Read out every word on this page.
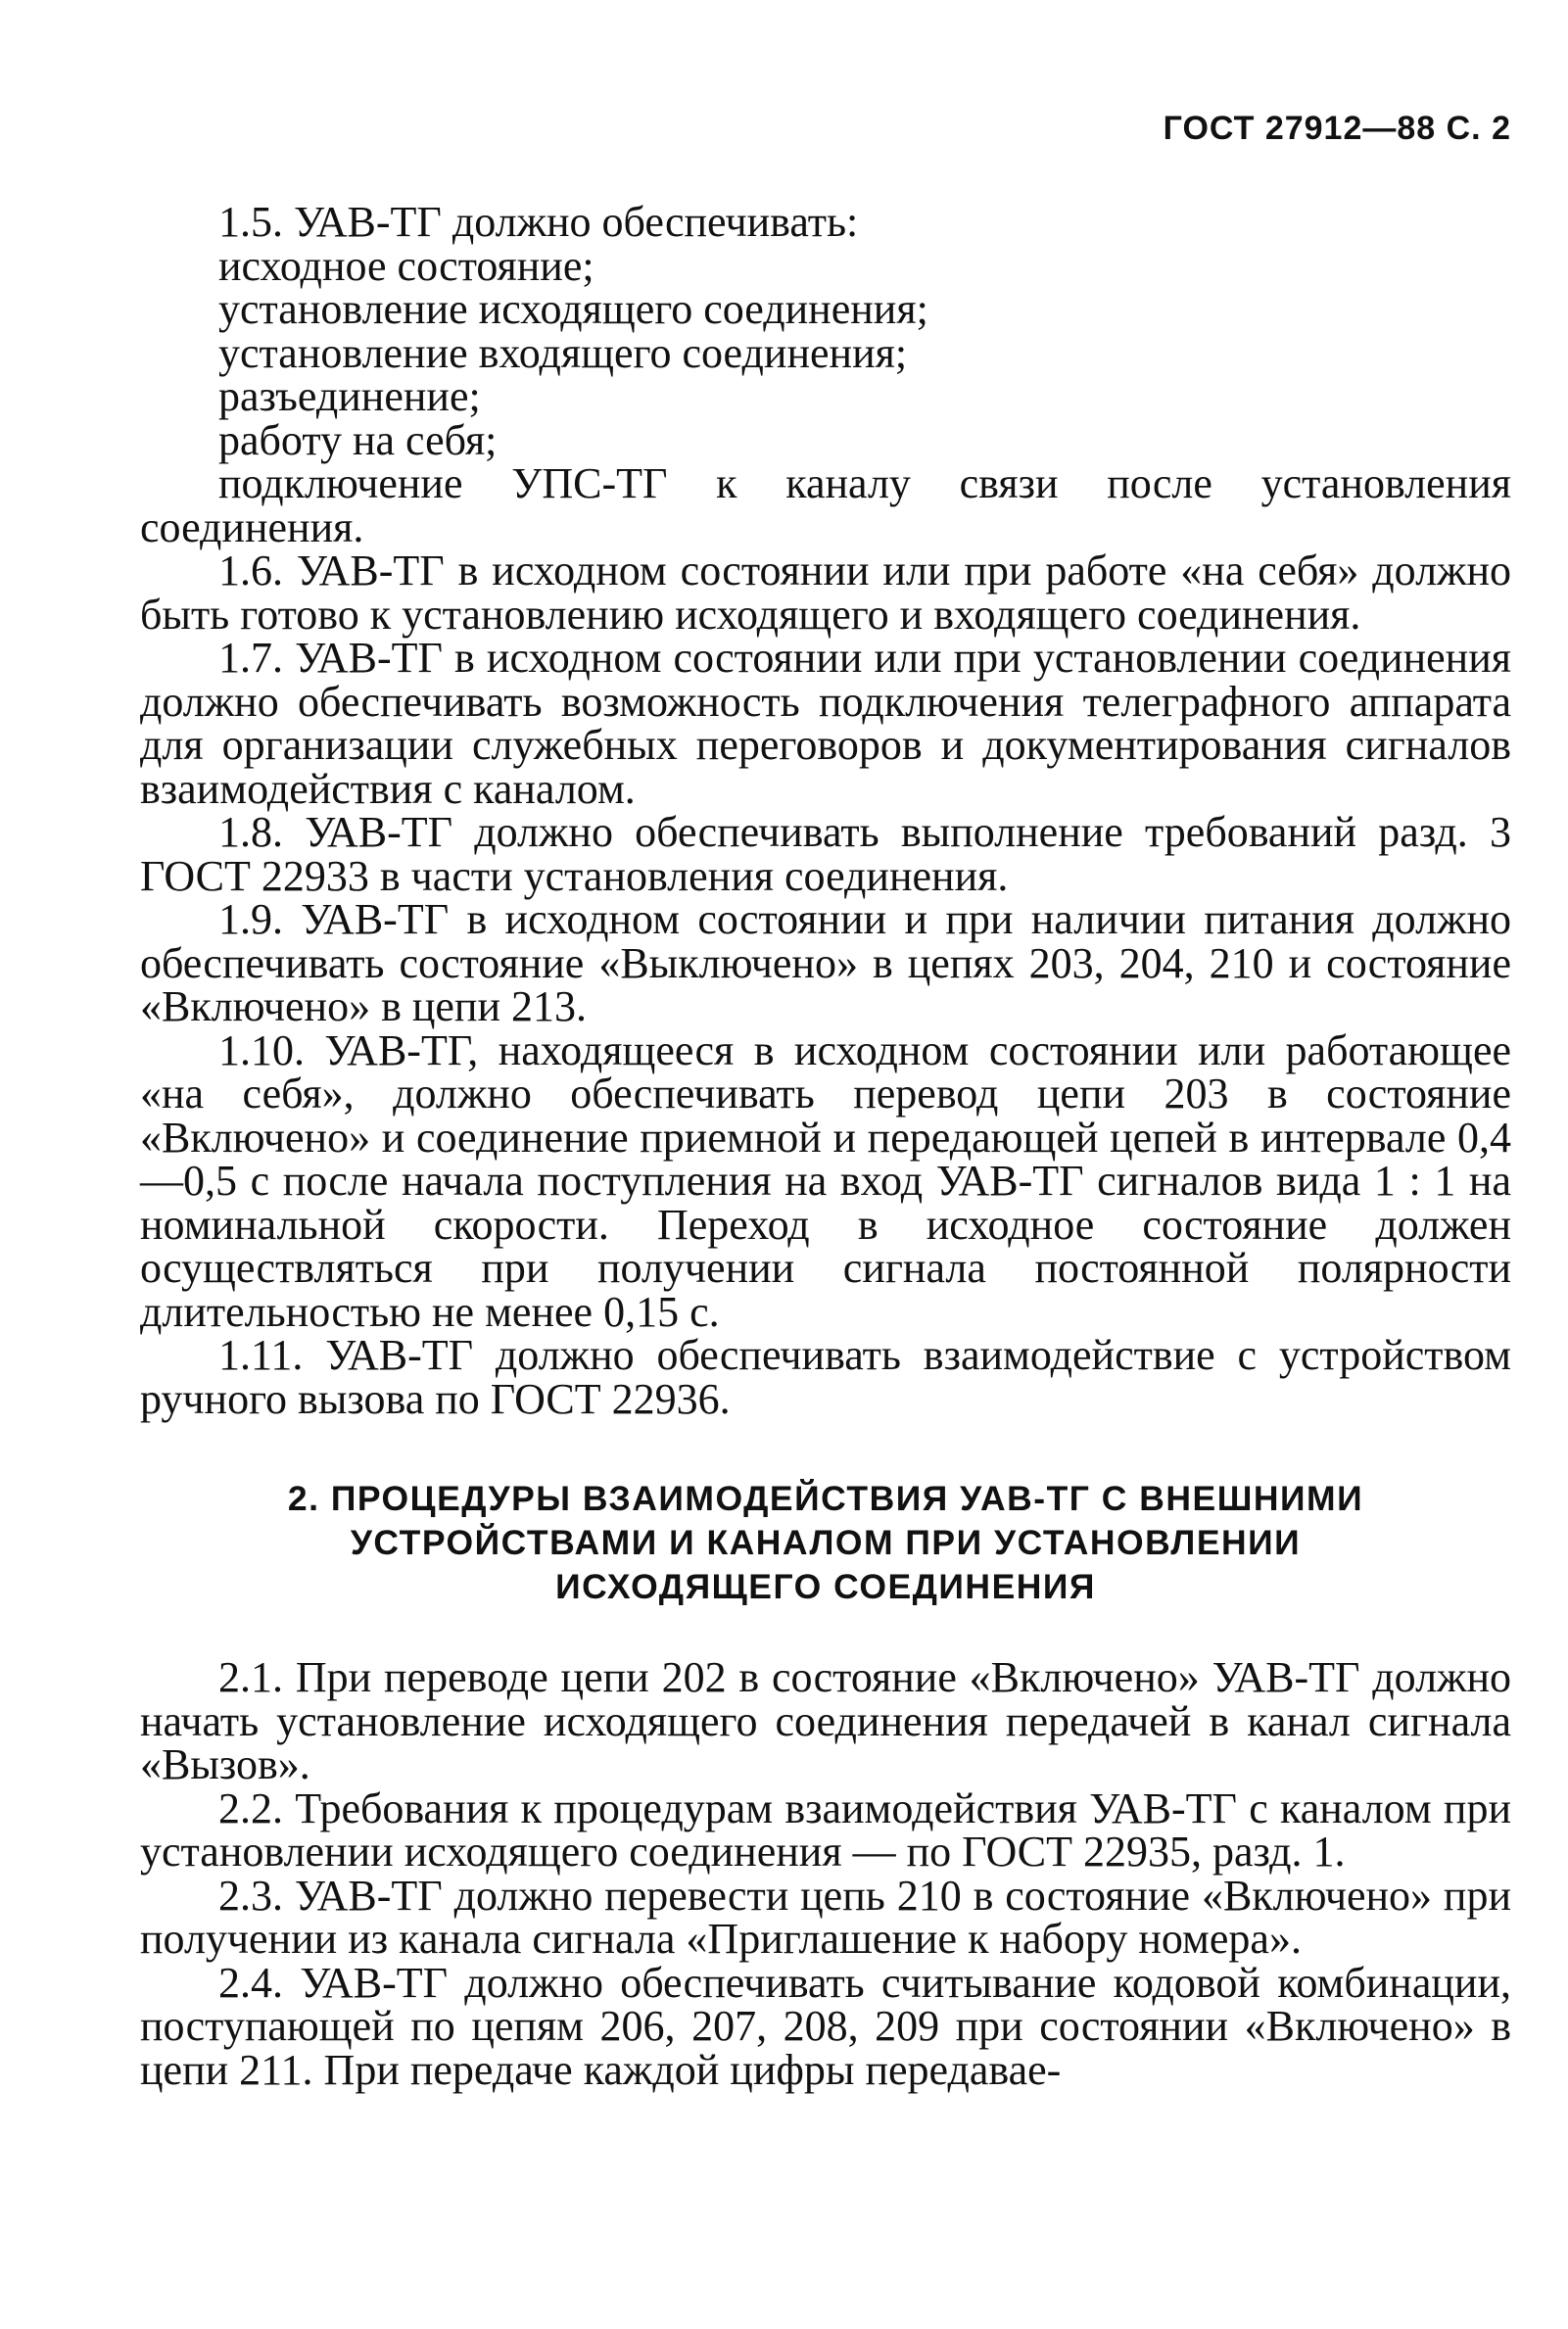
ГОСТ 27912—88 С. 2

1.5. УАВ-ТГ должно обеспечивать:

исходное состояние;

установление исходящего соединения;

установление входящего соединения;

разъединение;

работу на себя;

подключение УПС-ТГ к каналу связи после установления соединения.

1.6. УАВ-ТГ в исходном состоянии или при работе «на себя» должно быть готово к установлению исходящего и входящего соединения.

1.7. УАВ-ТГ в исходном состоянии или при установлении соединения должно обеспечивать возможность подключения телеграфного аппарата для организации служебных переговоров и документирования сигналов взаимодействия с каналом.

1.8. УАВ-ТГ должно обеспечивать выполнение требований разд. 3 ГОСТ 22933 в части установления соединения.

1.9. УАВ-ТГ в исходном состоянии и при наличии питания должно обеспечивать состояние «Выключено» в цепях 203, 204, 210 и состояние «Включено» в цепи 213.

1.10. УАВ-ТГ, находящееся в исходном состоянии или работающее «на себя», должно обеспечивать перевод цепи 203 в состояние «Включено» и соединение приемной и передающей цепей в интервале 0,4—0,5 с после начала поступления на вход УАВ-ТГ сигналов вида 1 : 1 на номинальной скорости. Переход в исходное состояние должен осуществляться при получении сигнала постоянной полярности длительностью не менее 0,15 с.

1.11. УАВ-ТГ должно обеспечивать взаимодействие с устройством ручного вызова по ГОСТ 22936.

2. ПРОЦЕДУРЫ ВЗАИМОДЕЙСТВИЯ УАВ-ТГ С ВНЕШНИМИ
УСТРОЙСТВАМИ И КАНАЛОМ ПРИ УСТАНОВЛЕНИИ
ИСХОДЯЩЕГО СОЕДИНЕНИЯ

2.1. При переводе цепи 202 в состояние «Включено» УАВ-ТГ должно начать установление исходящего соединения передачей в канал сигнала «Вызов».

2.2. Требования к процедурам взаимодействия УАВ-ТГ с каналом при установлении исходящего соединения — по ГОСТ 22935, разд. 1.

2.3. УАВ-ТГ должно перевести цепь 210 в состояние «Включено» при получении из канала сигнала «Приглашение к набору номера».

2.4. УАВ-ТГ должно обеспечивать считывание кодовой комбинации, поступающей по цепям 206, 207, 208, 209 при состоянии «Включено» в цепи 211. При передаче каждой цифры передавае-
